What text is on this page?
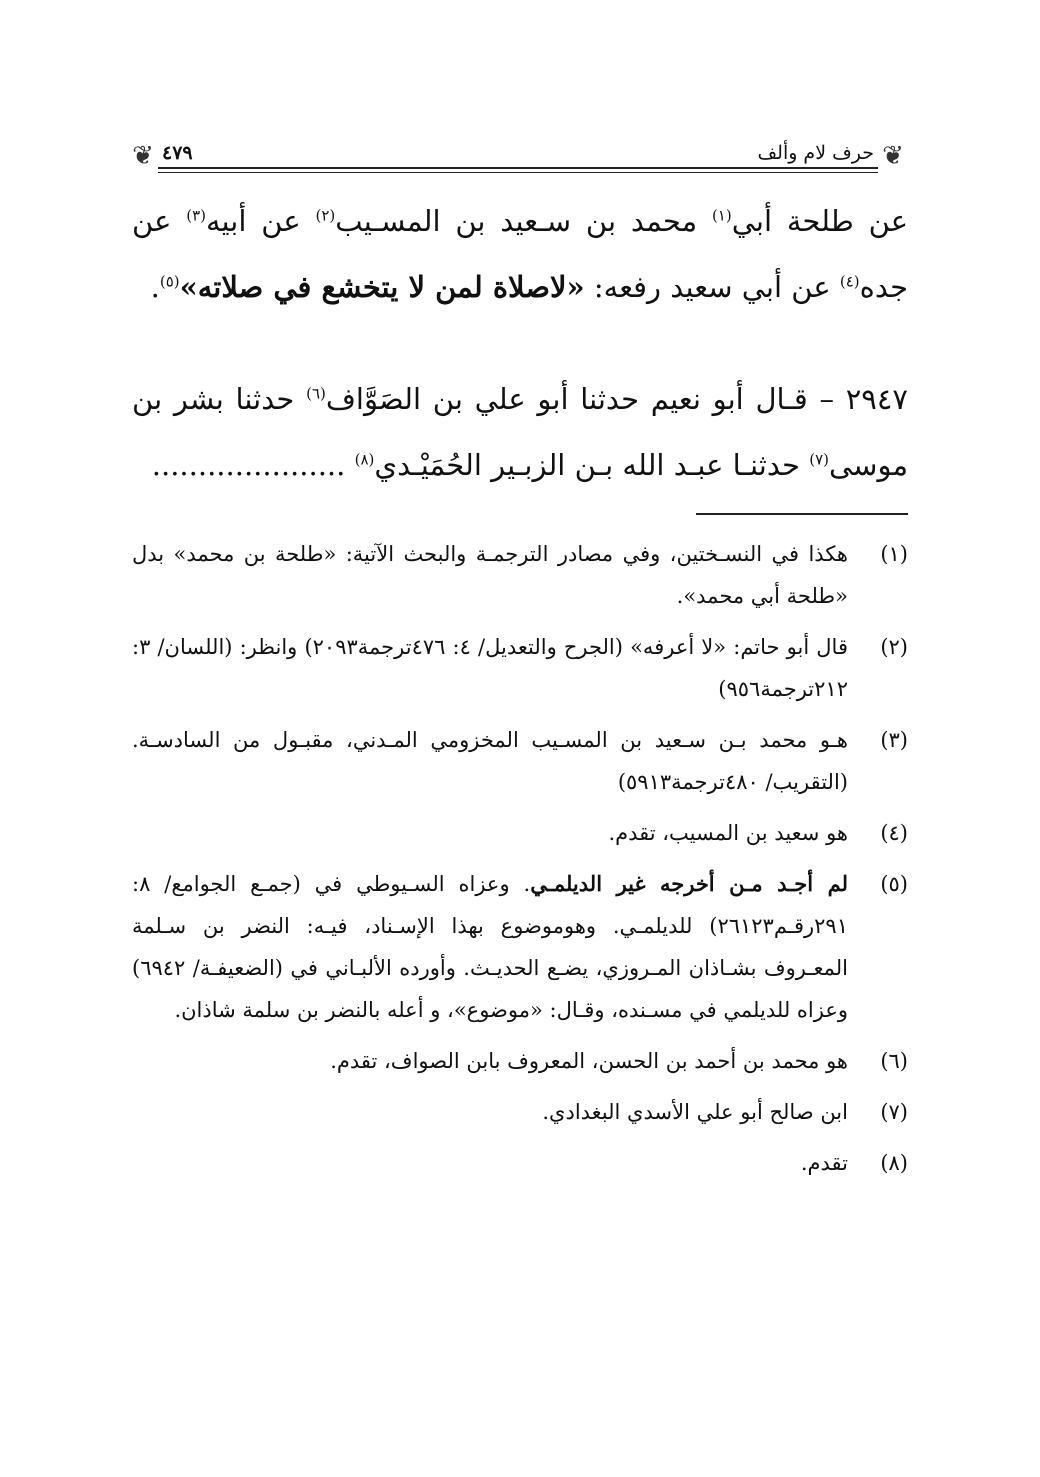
❦
حرف لام وألف
٤٧٩
❦

عن طلحة أبي$^{(١)}$ محمد بن سـعيد بن المسـيب$^{(٢)}$ عن أبيه$^{(٣)}$ عن جده$^{(٤)}$ عن أبي سعيد رفعه: «لاصلاة لمن لا يتخشع في صلاته»$^{(٥)}$.

٢٩٤٧ – قـال أبو نعيم حدثنا أبو علي بن الصَوَّاف$^{(٦)}$ حدثنا بشر بن موسى$^{(٧)}$ حدثنـا عبـد الله بـن الزبـير الحُمَيْـدي$^{(٨)}$ .....................

(١)
هكذا في النسـختين، وفي مصادر الترجمـة والبحث الآتية: «طلحة بن محمد» بدل «طلحة أبي محمد».

(٢)
قال أبو حاتم: «لا أعرفه» (الجرح والتعديل/ ٤: ٤٧٦ترجمة٢٠٩٣) وانظر: (اللسان/ ٣: ٢١٢ترجمة٩٥٦)

(٣)
هـو محمد بـن سـعيد بن المسـيب المخزومي المـدني، مقبـول من السادسـة. (التقريب/ ٤٨٠ترجمة٥٩١٣)

(٤)
هو سعيد بن المسيب، تقدم.

(٥)
لم أجـد مـن أخرجه غير الديلمـي. وعزاه السـيوطي في (جمـع الجوامع/ ٨: ٢٩١رقـم٢٦١٢٣) للديلمـي. وهوموضوع بهذا الإسـناد، فيـه: النضر بن سـلمة المعـروف بشـاذان المـروزي، يضـع الحديـث. وأورده الألبـاني في (الضعيفـة/ ٦٩٤٢) وعزاه للديلمي في مسـنده، وقـال: «موضوع»، و أعله بالنضر بن سلمة شاذان.

(٦)
هو محمد بن أحمد بن الحسن، المعروف بابن الصواف، تقدم.

(٧)
ابن صالح أبو علي الأسدي البغدادي.

(٨)
تقدم.
